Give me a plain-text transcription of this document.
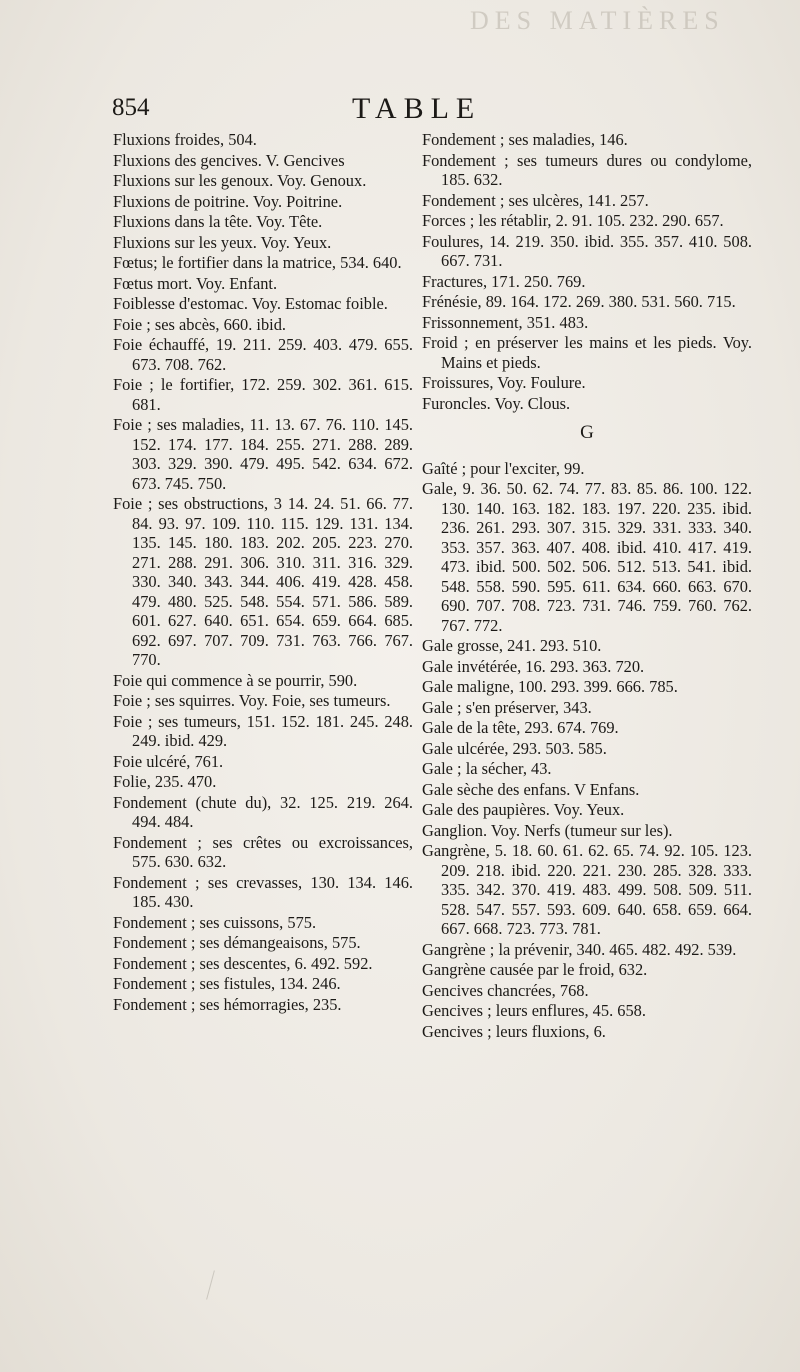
DES MATIÈRES
854	TABLE
Fluxions froides, 504.
Fluxions des gencives. V. Gencives
Fluxions sur les genoux. Voy. Genoux.
Fluxions de poitrine. Voy. Poitrine.
Fluxions dans la tête. Voy. Tête.
Fluxions sur les yeux. Voy. Yeux.
Fœtus; le fortifier dans la matrice, 534. 640.
Fœtus mort. Voy. Enfant.
Foiblesse d'estomac. Voy. Estomac foible.
Foie ; ses abcès, 660. ibid.
Foie échauffé, 19. 211. 259. 403. 479. 655. 673. 708. 762.
Foie ; le fortifier, 172. 259. 302. 361. 615. 681.
Foie ; ses maladies, 11. 13. 67. 76. 110. 145. 152. 174. 177. 184. 255. 271. 288. 289. 303. 329. 390. 479. 495. 542. 634. 672. 673. 745. 750.
Foie ; ses obstructions, 3 14. 24. 51. 66. 77. 84. 93. 97. 109. 110. 115. 129. 131. 134. 135. 145. 180. 183. 202. 205. 223. 270. 271. 288. 291. 306. 310. 311. 316. 329. 330. 340. 343. 344. 406. 419. 428. 458. 479. 480. 525. 548. 554. 571. 586. 589. 601. 627. 640. 651. 654. 659. 664. 685. 692. 697. 707. 709. 731. 763. 766. 767. 770.
Foie qui commence à se pourrir, 590.
Foie ; ses squirres. Voy. Foie, ses tumeurs.
Foie ; ses tumeurs, 151. 152. 181. 245. 248. 249. ibid. 429.
Foie ulcéré, 761.
Folie, 235. 470.
Fondement (chute du), 32. 125. 219. 264. 494. 484.
Fondement ; ses crêtes ou excroissances, 575. 630. 632.
Fondement ; ses crevasses, 130. 134. 146. 185. 430.
Fondement ; ses cuissons, 575.
Fondement ; ses démangeaisons, 575.
Fondement ; ses descentes, 6. 492. 592.
Fondement ; ses fistules, 134. 246.
Fondement ; ses hémorragies, 235.
Fondement ; ses maladies, 146.
Fondement ; ses tumeurs dures ou condylome, 185. 632.
Fondement ; ses ulcères, 141. 257.
Forces ; les rétablir, 2. 91. 105. 232. 290. 657.
Foulures, 14. 219. 350. ibid. 355. 357. 410. 508. 667. 731.
Fractures, 171. 250. 769.
Frénésie, 89. 164. 172. 269. 380. 531. 560. 715.
Frissonnement, 351. 483.
Froid ; en préserver les mains et les pieds. Voy. Mains et pieds.
Froissures, Voy. Foulure.
Furoncles. Voy. Clous.
G
Gaîté ; pour l'exciter, 99.
Gale, 9. 36. 50. 62. 74. 77. 83. 85. 86. 100. 122. 130. 140. 163. 182. 183. 197. 220. 235. ibid. 236. 261. 293. 307. 315. 329. 331. 333. 340. 353. 357. 363. 407. 408. ibid. 410. 417. 419. 473. ibid. 500. 502. 506. 512. 513. 541. ibid. 548. 558. 590. 595. 611. 634. 660. 663. 670. 690. 707. 708. 723. 731. 746. 759. 760. 762. 767. 772.
Gale grosse, 241. 293. 510.
Gale invétérée, 16. 293. 363. 720.
Gale maligne, 100. 293. 399. 666. 785.
Gale ; s'en préserver, 343.
Gale de la tête, 293. 674. 769.
Gale ulcérée, 293. 503. 585.
Gale ; la sécher, 43.
Gale sèche des enfans. V Enfans.
Gale des paupières. Voy. Yeux.
Ganglion. Voy. Nerfs (tumeur sur les).
Gangrène, 5. 18. 60. 61. 62. 65. 74. 92. 105. 123. 209. 218. ibid. 220. 221. 230. 285. 328. 333. 335. 342. 370. 419. 483. 499. 508. 509. 511. 528. 547. 557. 593. 609. 640. 658. 659. 664. 667. 668. 723. 773. 781.
Gangrène ; la prévenir, 340. 465. 482. 492. 539.
Gangrène causée par le froid, 632.
Gencives chancrées, 768.
Gencives ; leurs enflures, 45. 658.
Gencives ; leurs fluxions, 6.
